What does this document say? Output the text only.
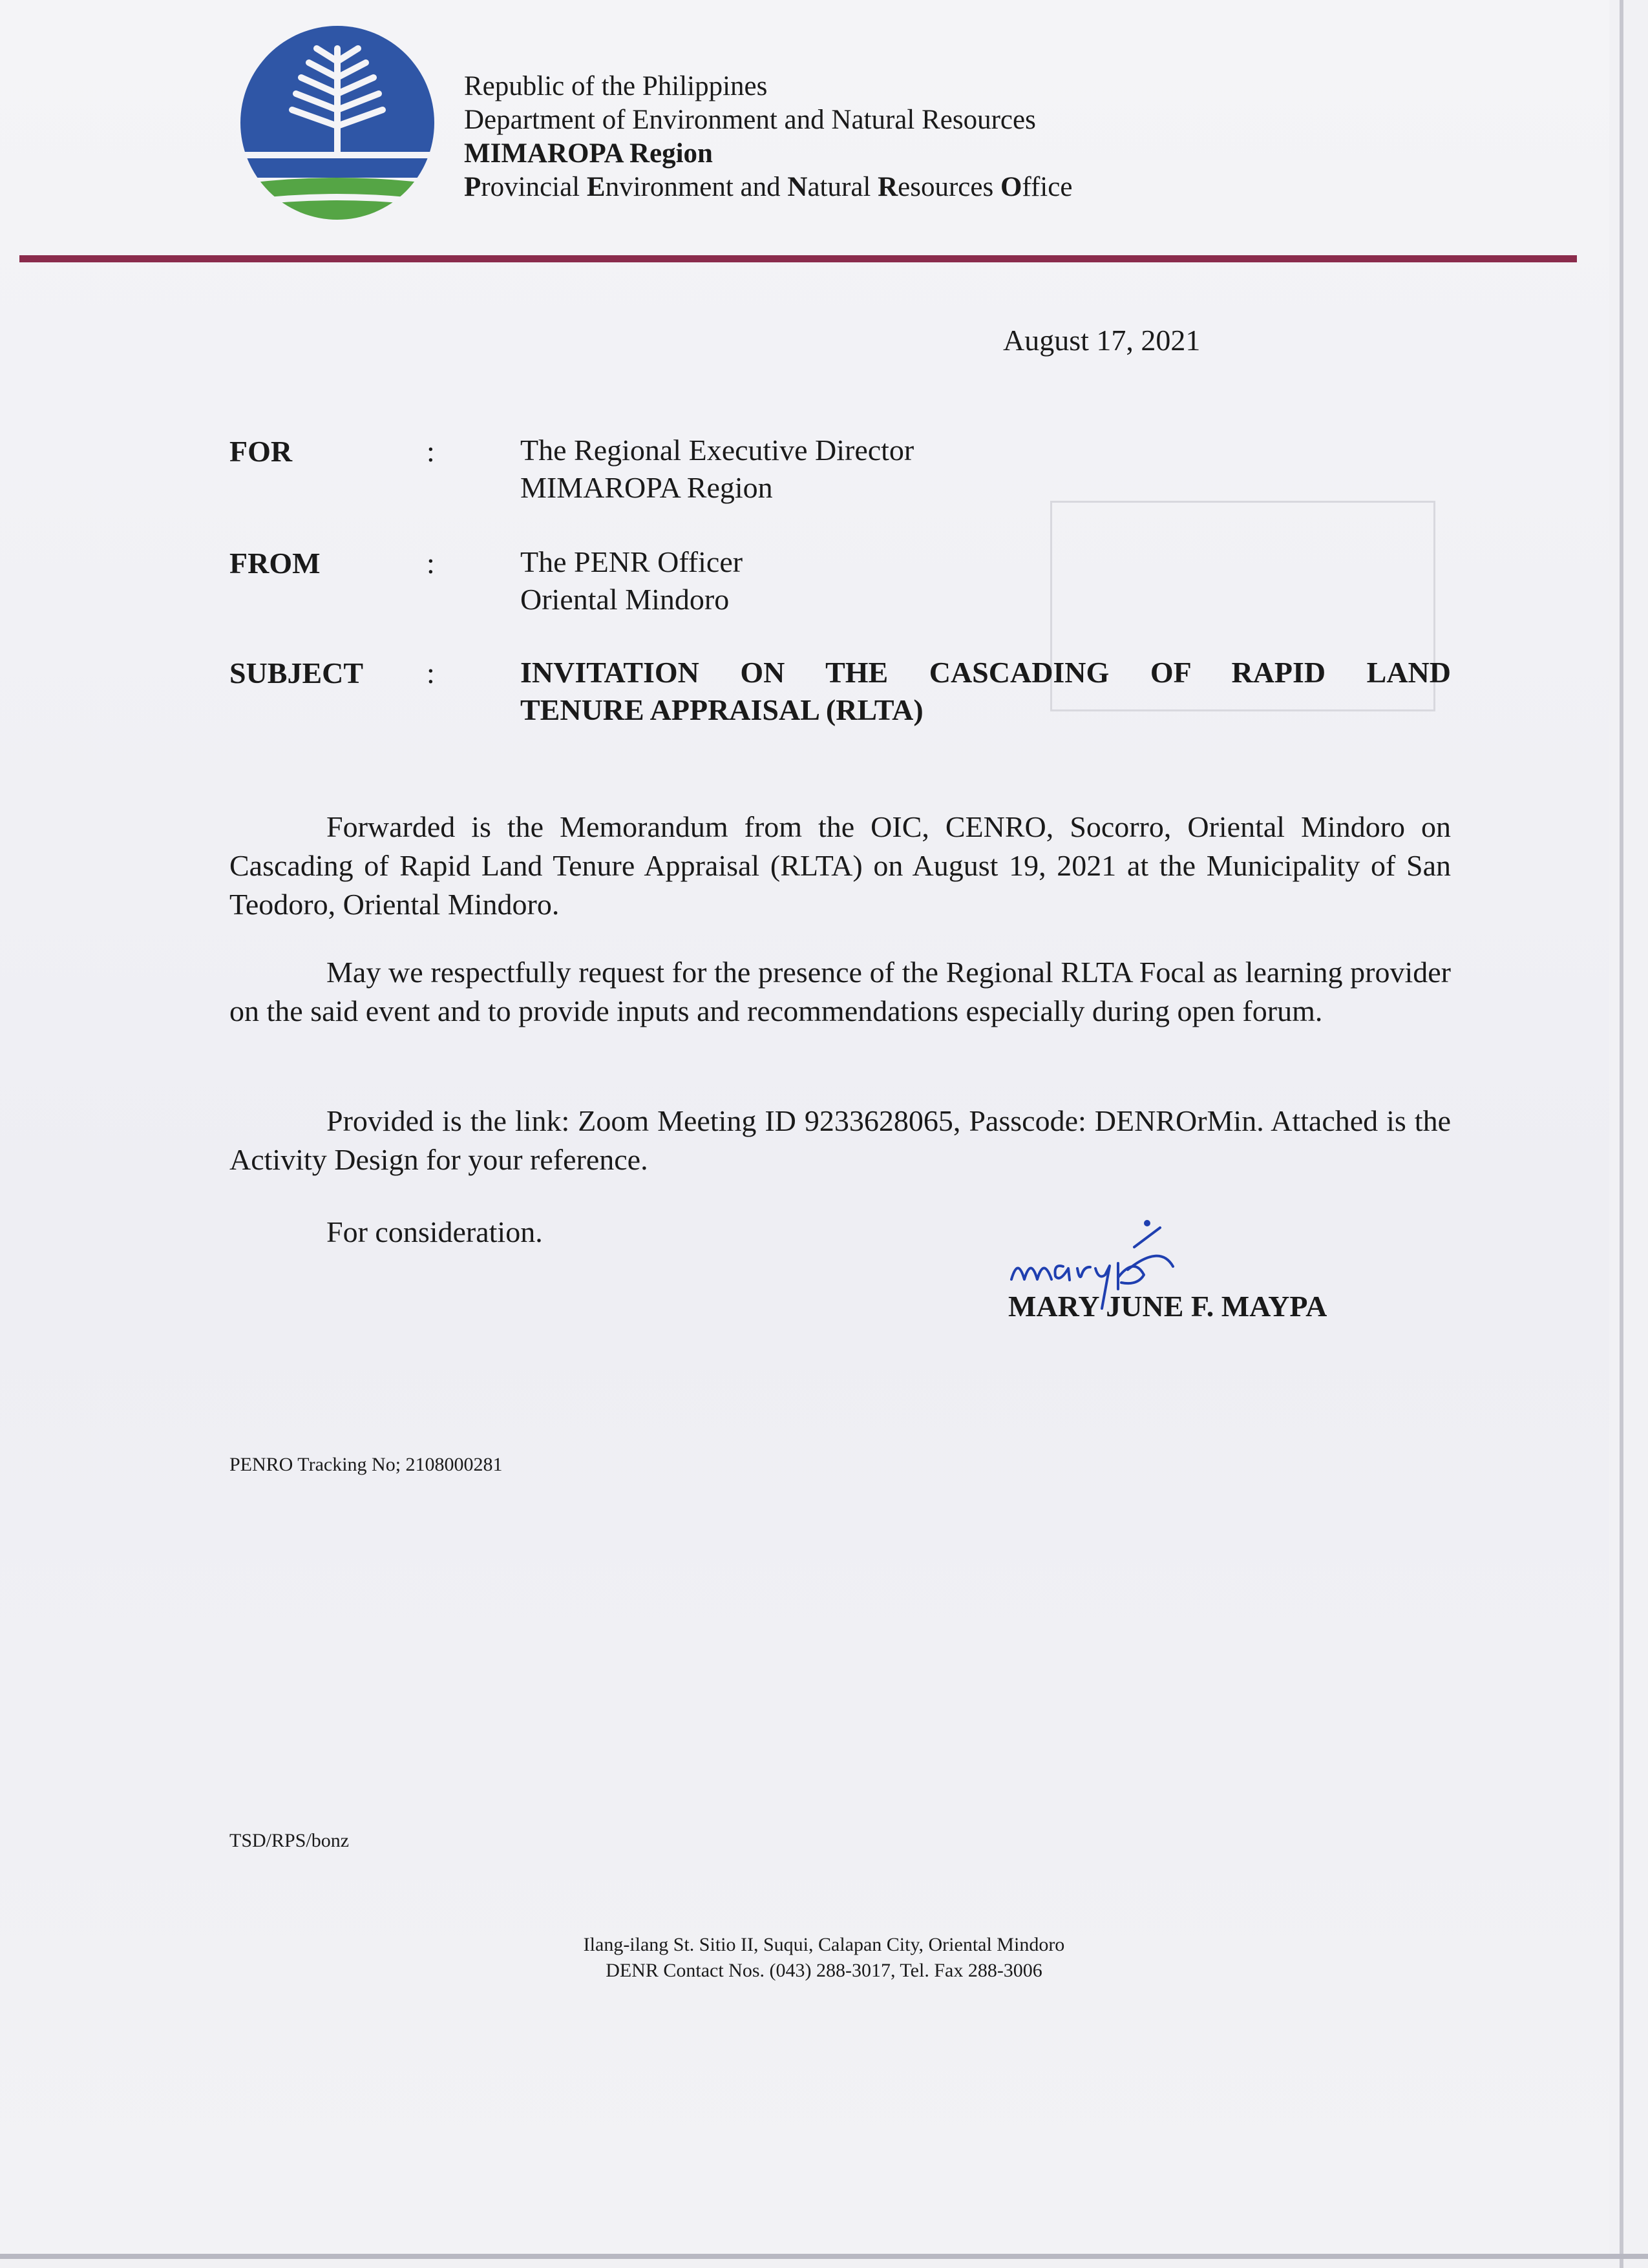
Republic of the Philippines
Department of Environment and Natural Resources
MIMAROPA Region
Provincial Environment and Natural Resources Office
August 17, 2021
FOR	:	The Regional Executive Director
MIMAROPA Region
FROM	:	The PENR Officer
Oriental Mindoro
SUBJECT :	INVITATION ON THE CASCADING OF RAPID LAND
TENURE APPRAISAL (RLTA)
Forwarded is the Memorandum from the OIC, CENRO, Socorro, Oriental Mindoro on Cascading of Rapid Land Tenure Appraisal (RLTA) on August 19, 2021 at the Municipality of San Teodoro, Oriental Mindoro.
May we respectfully request for the presence of the Regional RLTA Focal as learning provider on the said event and to provide inputs and recommendations especially during open forum.
Provided is the link: Zoom Meeting ID 9233628065, Passcode: DENROrMin. Attached is the Activity Design for your reference.
For consideration.
MARY JUNE F. MAYPA
PENRO Tracking No; 2108000281
TSD/RPS/bonz
Ilang-ilang St. Sitio II, Suqui, Calapan City, Oriental Mindoro
DENR Contact Nos. (043) 288-3017, Tel. Fax 288-3006
